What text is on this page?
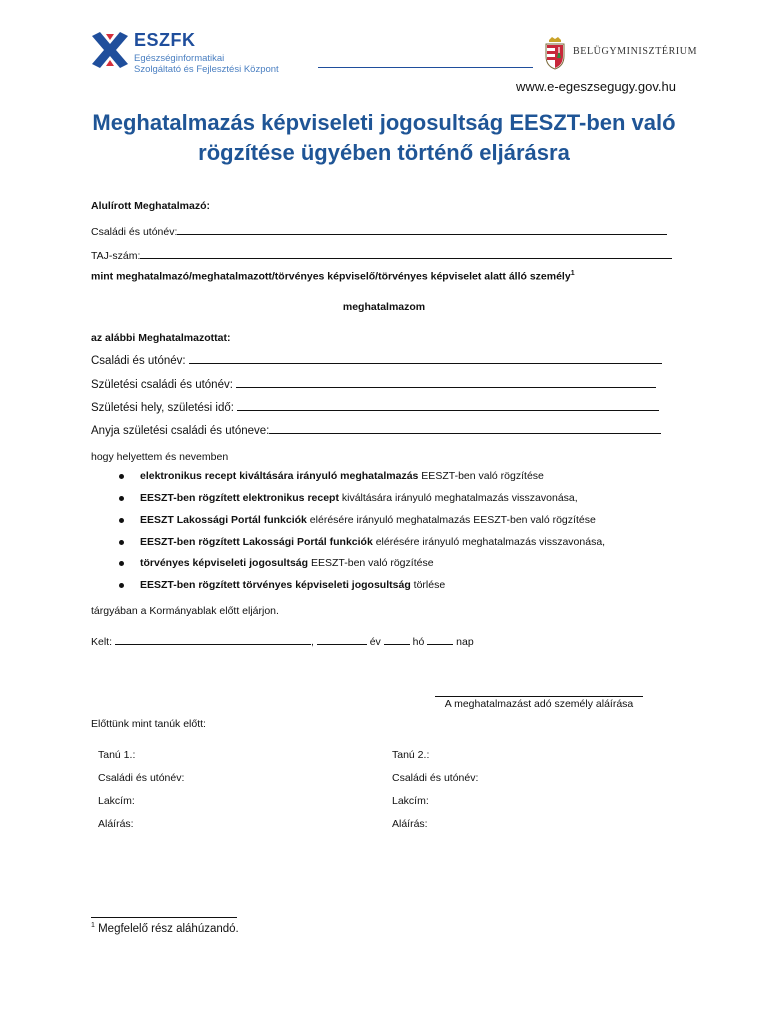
ESZFK
Egészséginformatikai
Szolgáltató és Fejlesztési Központ
BELÜGYMINISZTÉRIUM
www.e-egeszsegugy.gov.hu
Meghatalmazás képviseleti jogosultság EESZT-ben való
rögzítése ügyében történő eljárásra
Alulírott Meghatalmazó:
Családi és utónév:
TAJ-szám:
mint meghatalmazó/meghatalmazott/törvényes képviselő/törvényes képviselet alatt álló személy$^1$
meghatalmazom
az alábbi Meghatalmazottat:
Családi és utónév:
Születési családi és utónév:
Születési hely, születési idő:
Anyja születési családi és utóneve:
hogy helyettem és nevemben
elektronikus recept kiváltására irányuló meghatalmazás EESZT-ben való rögzítése
EESZT-ben rögzített elektronikus recept kiváltására irányuló meghatalmazás visszavonása,
EESZT Lakossági Portál funkciók elérésére irányuló meghatalmazás EESZT-ben való rögzítése
EESZT-ben rögzített Lakossági Portál funkciók elérésére irányuló meghatalmazás visszavonása,
törvényes képviseleti jogosultság EESZT-ben való rögzítése
EESZT-ben rögzített törvényes képviseleti jogosultság törlése
tárgyában a Kormányablak előtt eljárjon.
Kelt:	,	év	hó	nap
A meghatalmazást adó személy aláírása
Előttünk mint tanúk előtt:
Tanú 1.:
Családi és utónév:
Lakcím:
Aláírás:
Tanú 2.:
Családi és utónév:
Lakcím:
Aláírás:
$^1$ Megfelelő rész aláhúzandó.
